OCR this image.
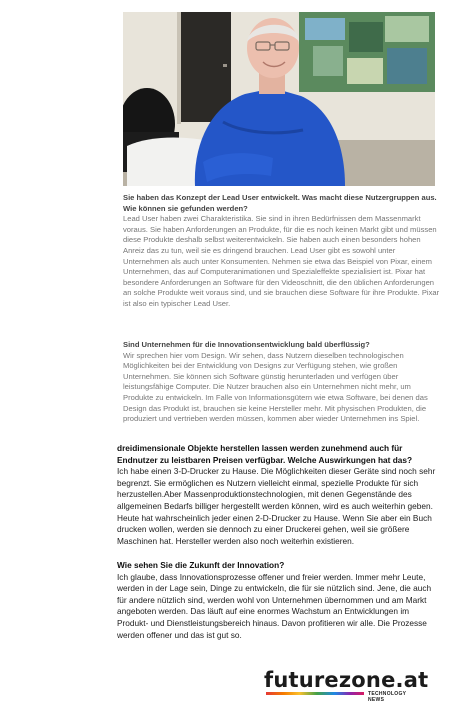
Sie haben das Konzept der Lead User entwickelt. Was macht diese Nutzergruppen aus. Wie können sie gefunden werden?
Lead User haben zwei Charakteristika. Sie sind in ihren Bedürfnissen dem Massenmarkt voraus. Sie haben Anforderungen an Produkte, für die es noch keinen Markt gibt und müssen diese Produkte deshalb selbst weiterentwickeln. Sie haben auch einen besonders hohen Anreiz das zu tun, weil sie es dringend brauchen. Lead User gibt es sowohl unter Unternehmen als auch unter Konsumenten. Nehmen sie etwa das Beispiel von Pixar, einem Unternehmen, das auf Computeranimationen und Spezialeffekte spezialisiert ist. Pixar hat besondere Anforderungen an Software für den Videoschnitt, die den üblichen Anforderungen an solche Produkte weit voraus sind, und sie brauchen diese Software für ihre Produkte. Pixar ist also ein typischer Lead User.
Sind Unternehmen für die Innovationsentwicklung bald überflüssig?
Wir sprechen hier vom Design. Wir sehen, dass Nutzern dieselben technologischen Möglichkeiten bei der Entwicklung von Designs zur Verfügung stehen, wie großen Unternehmen. Sie können sich Software günstig herunterladen und verfügen über leistungsfähige Computer. Die Nutzer brauchen also ein Unternehmen nicht mehr, um Produkte zu entwickeln. Im Falle von Informationsgütern wie etwa Software, bei denen das Design das Produkt ist, brauchen sie keine Hersteller mehr. Mit physischen Produkten, die produziert und vertrieben werden müssen, kommen aber wieder Unternehmen ins Spiel.
dreidimensionale Objekte herstellen lassen werden zunehmend auch für Endnutzer zu leistbaren Preisen verfügbar. Welche Auswirkungen hat das?
Ich habe einen 3-D-Drucker zu Hause. Die Möglichkeiten dieser Geräte sind noch sehr begrenzt. Sie ermöglichen es Nutzern vielleicht einmal, spezielle Produkte für sich herzustellen.Aber Massenproduktionstechnologien, mit denen Gegenstände des allgemeinen Bedarfs billiger hergestellt werden können, wird es auch weiterhin geben. Heute hat wahrscheinlich jeder einen 2-D-Drucker zu Hause. Wenn Sie aber ein Buch drucken wollen, werden sie dennoch zu einer Druckerei gehen, weil sie größere Maschinen hat. Hersteller werden also noch weiterhin existieren.
Wie sehen Sie die Zukunft der Innovation?
Ich glaube, dass Innovationsprozesse offener und freier werden. Immer mehr Leute, werden in der Lage sein, Dinge zu entwickeln, die für sie nützlich sind. Jene, die auch für andere nützlich sind, werden wohl von Unternehmen übernommen und am Markt angeboten werden. Das läuft auf eine enormes Wachstum an Entwicklungen im Produkt- und Dienstleistungsbereich hinaus. Davon profitieren wir alle. Die Prozesse werden offener und das ist gut so.
futurezone.at
TECHNOLOGY NEWS
